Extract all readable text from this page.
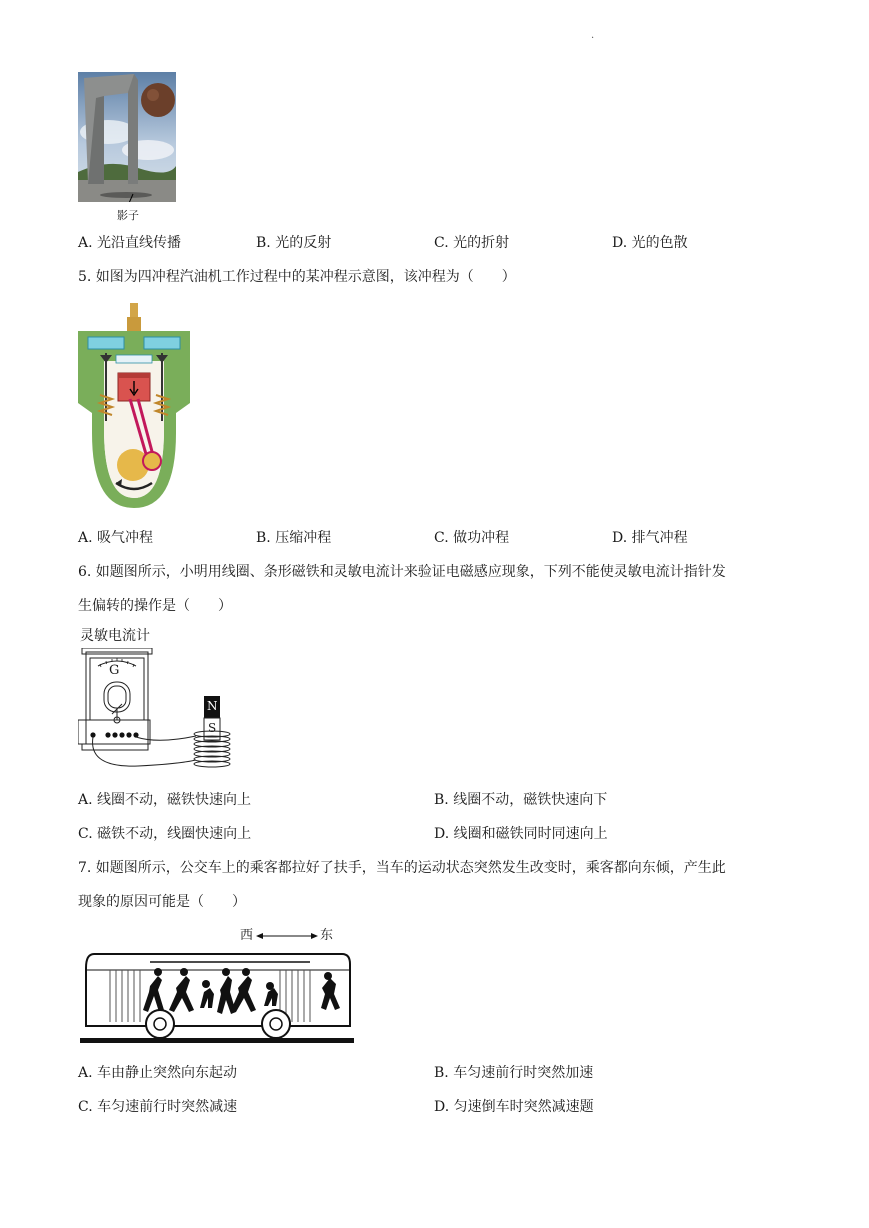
.
影子
A. 光沿直线传播	B. 光的反射	C. 光的折射	D. 光的色散
5. 如图为四冲程汽油机工作过程中的某冲程示意图，该冲程为（　　）
A. 吸气冲程	B. 压缩冲程	C. 做功冲程	D. 排气冲程
6. 如题图所示，小明用线圈、条形磁铁和灵敏电流计来验证电磁感应现象，下列不能使灵敏电流计指针发
生偏转的操作是（　　）
灵敏电流计
G
N
S
A. 线圈不动，磁铁快速向上	B. 线圈不动，磁铁快速向下
C. 磁铁不动，线圈快速向上	D. 线圈和磁铁同时同速向上
7. 如题图所示，公交车上的乘客都拉好了扶手，当车的运动状态突然发生改变时，乘客都向东倾，产生此
现象的原因可能是（　　）
西	东
A. 车由静止突然向东起动	B. 车匀速前行时突然加速
C. 车匀速前行时突然减速	D. 匀速倒车时突然减速题
